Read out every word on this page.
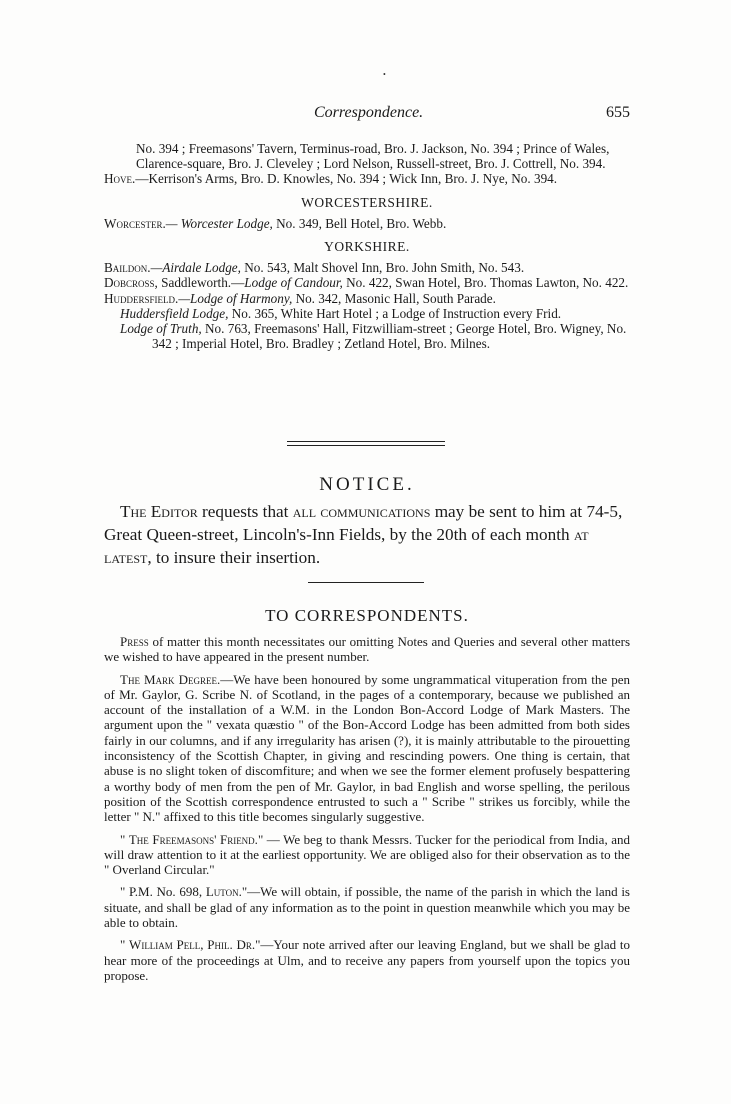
•
Correspondence.	655

No. 394 ; Freemasons' Tavern, Terminus-road, Bro. J. Jackson, No. 394 ; Prince of Wales, Clarence-square, Bro. J. Cleveley ; Lord Nelson, Russell-street, Bro. J. Cottrell, No. 394.

Hove.—Kerrison's Arms, Bro. D. Knowles, No. 394 ; Wick Inn, Bro. J. Nye, No. 394.

WORCESTERSHIRE.

Worcester.— Worcester Lodge, No. 349, Bell Hotel, Bro. Webb.

YORKSHIRE.

Baildon.—Airdale Lodge, No. 543, Malt Shovel Inn, Bro. John Smith, No. 543.

Dobcross, Saddleworth.—Lodge of Candour, No. 422, Swan Hotel, Bro. Thomas Lawton, No. 422.

Huddersfield.—Lodge of Harmony, No. 342, Masonic Hall, South Parade.

Huddersfield Lodge, No. 365, White Hart Hotel ; a Lodge of Instruction every Frid.

Lodge of Truth, No. 763, Freemasons' Hall, Fitzwilliam-street ; George Hotel, Bro. Wigney, No. 342 ; Imperial Hotel, Bro. Bradley ; Zetland Hotel, Bro. Milnes.

NOTICE.

The Editor requests that all communications may be sent to him at 74-5, Great Queen-street, Lincoln's-Inn Fields, by the 20th of each month at latest, to insure their insertion.

TO CORRESPONDENTS.

Press of matter this month necessitates our omitting Notes and Queries and several other matters we wished to have appeared in the present number.

The Mark Degree.—We have been honoured by some ungrammatical vituperation from the pen of Mr. Gaylor, G. Scribe N. of Scotland, in the pages of a contemporary, because we published an account of the installation of a W.M. in the London Bon-Accord Lodge of Mark Masters. The argument upon the " vexata quæstio " of the Bon-Accord Lodge has been admitted from both sides fairly in our columns, and if any irregularity has arisen (?), it is mainly attributable to the pirouetting inconsistency of the Scottish Chapter, in giving and rescinding powers. One thing is certain, that abuse is no slight token of discomfiture; and when we see the former element profusely bespattering a worthy body of men from the pen of Mr. Gaylor, in bad English and worse spelling, the perilous position of the Scottish correspondence entrusted to such a " Scribe " strikes us forcibly, while the letter " N." affixed to this title becomes singularly suggestive.

" The Freemasons' Friend." — We beg to thank Messrs. Tucker for the periodical from India, and will draw attention to it at the earliest opportunity. We are obliged also for their observation as to the " Overland Circular."

" P.M. No. 698, Luton."—We will obtain, if possible, the name of the parish in which the land is situate, and shall be glad of any information as to the point in question meanwhile which you may be able to obtain.

" William Pell, Phil. Dr."—Your note arrived after our leaving England, but we shall be glad to hear more of the proceedings at Ulm, and to receive any papers from yourself upon the topics you propose.
